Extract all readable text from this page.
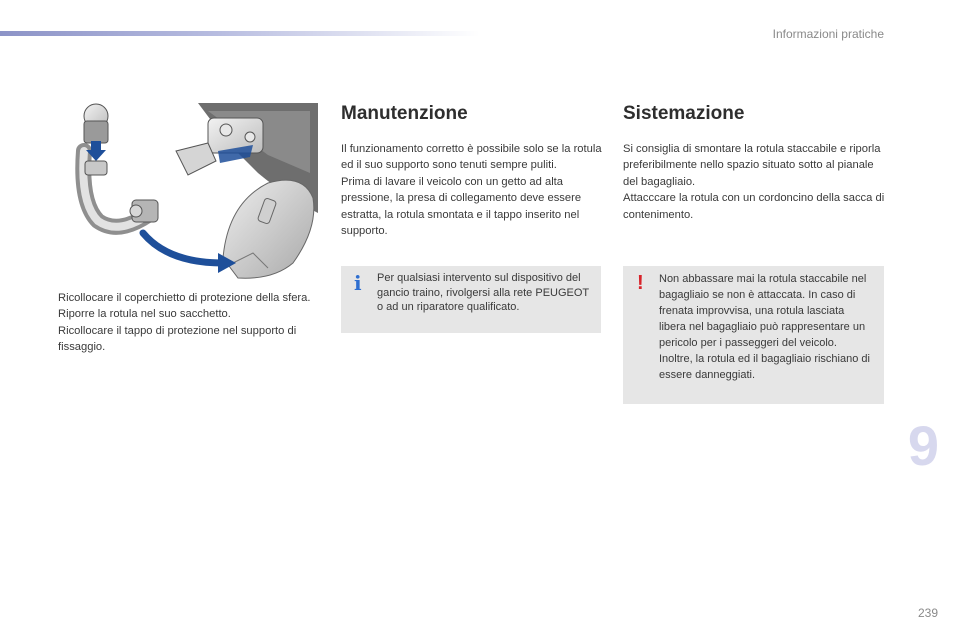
Informazioni pratiche

Ricollocare il coperchietto di protezione della sfera.

Riporre la rotula nel suo sacchetto.

Ricollocare il tappo di protezione nel supporto di fissaggio.

Manutenzione

Il funzionamento corretto è possibile solo se la rotula ed il suo supporto sono tenuti sempre puliti.

Prima di lavare il veicolo con un getto ad alta pressione, la presa di collegamento deve essere estratta, la rotula smontata e il tappo inserito nel supporto.

i Per qualsiasi intervento sul dispositivo del gancio traino, rivolgersi alla rete PEUGEOT o ad un riparatore qualificato.
Sistemazione

Si consiglia di smontare la rotula staccabile e riporla preferibilmente nello spazio situato sotto al pianale del bagagliaio.

Attacccare la rotula con un cordoncino della sacca di contenimento.

! Non abbassare mai la rotula staccabile nel bagagliaio se non è attaccata. In caso di frenata improvvisa, una rotula lasciata libera nel bagagliaio può rappresentare un pericolo per i passeggeri del veicolo.

Inoltre, la rotula ed il bagagliaio rischiano di essere danneggiati.

9
239
